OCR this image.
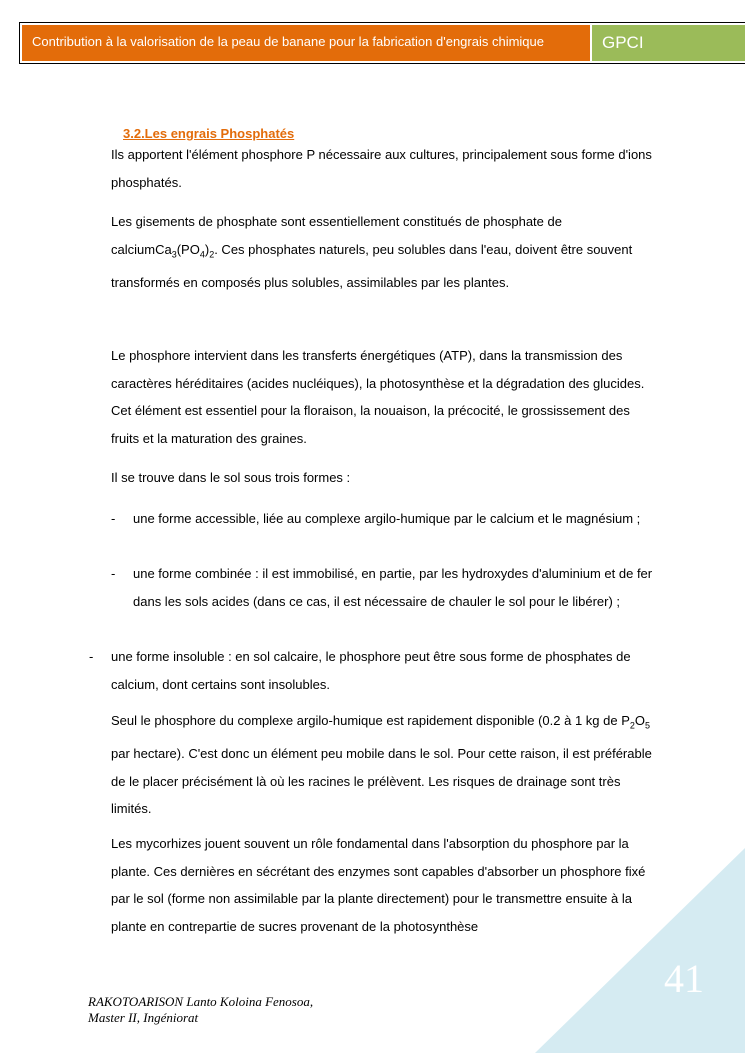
Contribution à la valorisation de la peau de banane pour la fabrication d'engrais chimique	GPCI
3.2.Les engrais Phosphatés
Ils apportent l'élément phosphore P nécessaire aux cultures, principalement sous forme d'ions phosphatés.
Les gisements de phosphate sont essentiellement constitués de phosphate de $calciumCa_3(PO_4)_2$. Ces phosphates naturels, peu solubles dans l'eau, doivent être souvent transformés en composés plus solubles, assimilables par les plantes.
Le phosphore intervient dans les transferts énergétiques (ATP), dans la transmission des caractères héréditaires (acides nucléiques), la photosynthèse et la dégradation des glucides. Cet élément est essentiel pour la floraison, la nouaison, la précocité, le grossissement des fruits et la maturation des graines.
Il se trouve dans le sol sous trois formes :
- une forme accessible, liée au complexe argilo-humique par le calcium et le magnésium ;
- une forme combinée : il est immobilisé, en partie, par les hydroxydes d'aluminium et de fer dans les sols acides (dans ce cas, il est nécessaire de chauler le sol pour le libérer) ;
- une forme insoluble : en sol calcaire, le phosphore peut être sous forme de phosphates de calcium, dont certains sont insolubles.
Seul le phosphore du complexe argilo-humique est rapidement disponible (0.2 à 1 kg de $P_2O_5$ par hectare). C'est donc un élément peu mobile dans le sol. Pour cette raison, il est préférable de le placer précisément là où les racines le prélèvent. Les risques de drainage sont très limités.
Les mycorhizes jouent souvent un rôle fondamental dans l'absorption du phosphore par la plante. Ces dernières en sécrétant des enzymes sont capables d'absorber un phosphore fixé par le sol (forme non assimilable par la plante directement) pour le transmettre ensuite à la plante en contrepartie de sucres provenant de la photosynthèse
RAKOTOARISON Lanto Koloina Fenosoa,
Master II, Ingéniorat
41
